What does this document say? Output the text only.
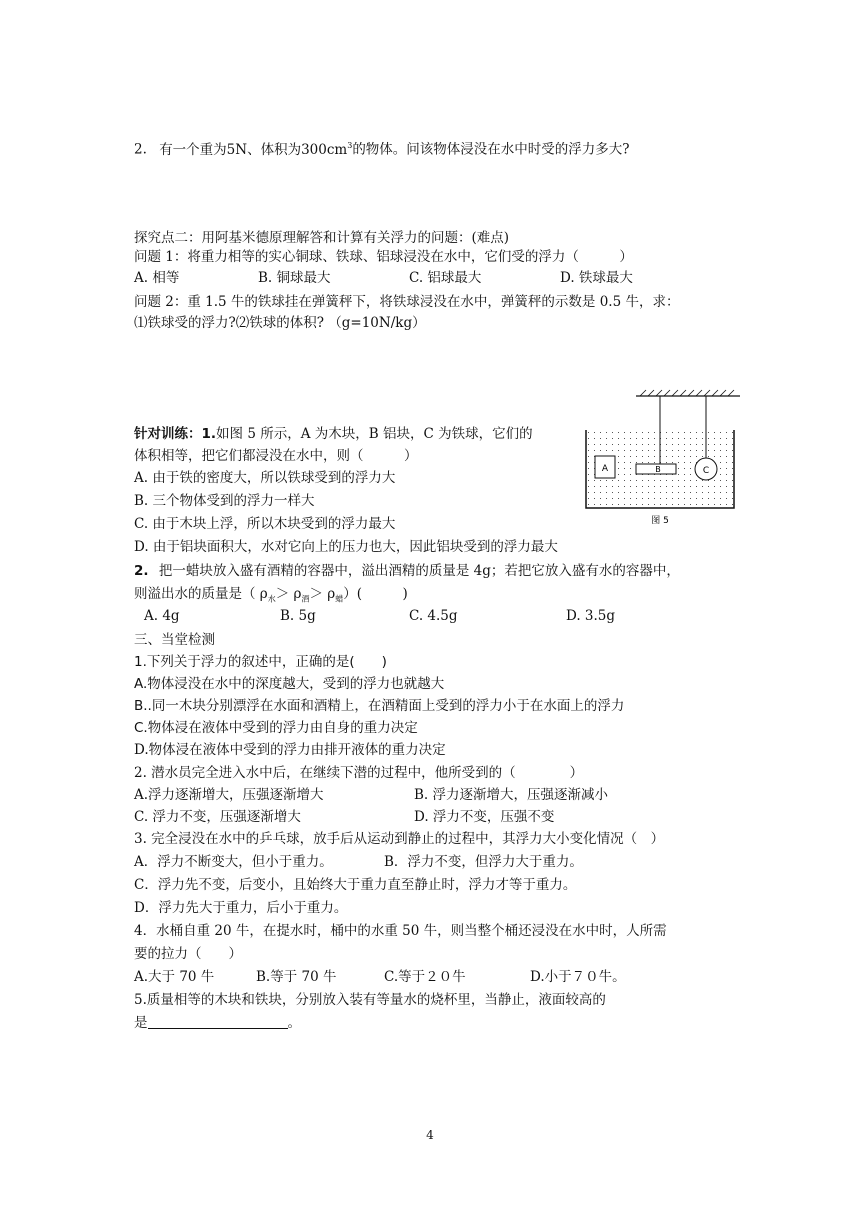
2. 有一个重为5N、体积为$300cm^3$的物体。问该物体浸没在水中时受的浮力多大?
探究点二：用阿基米德原理解答和计算有关浮力的问题：(难点)
问题 1：将重力相等的实心铜球、铁球、铝球浸没在水中，它们受的浮力（　　　）
A. 相等	B. 铜球最大	C. 铝球最大	D. 铁球最大
问题 2：重 1.5 牛的铁球挂在弹簧秤下，将铁球浸没在水中，弹簧秤的示数是 0.5 牛，求：
⑴铁球受的浮力?⑵铁球的体积? （g=10N/kg）
针对训练：1.如图 5 所示，A 为木块，B 铝块，C 为铁球，它们的
体积相等，把它们都浸没在水中，则（　　　）
A. 由于铁的密度大，所以铁球受到的浮力大
B. 三个物体受到的浮力一样大
C. 由于木块上浮，所以木块受到的浮力最大
D. 由于铝块面积大，水对它向上的压力也大，因此铝块受到的浮力最大
A	B	C
图 5
2. 把一蜡块放入盛有酒精的容器中，溢出酒精的质量是 4g；若把它放入盛有水的容器中，
则溢出水的质量是（ $\rho_水> \rho_酒> \rho_蜡$）(　　　)
A. 4g	B. 5g	C. 4.5g	D. 3.5g
三、当堂检测
1.下列关于浮力的叙述中，正确的是(　　)
A.物体浸没在水中的深度越大，受到的浮力也就越大
B..同一木块分别漂浮在水面和酒精上，在酒精面上受到的浮力小于在水面上的浮力
C.物体浸在液体中受到的浮力由自身的重力决定
D.物体浸在液体中受到的浮力由排开液体的重力决定
2. 潜水员完全进入水中后，在继续下潜的过程中，他所受到的（　　　　）
A.浮力逐渐增大，压强逐渐增大	B. 浮力逐渐增大，压强逐渐减小
C. 浮力不变，压强逐渐增大	D. 浮力不变，压强不变
3. 完全浸没在水中的乒乓球，放手后从运动到静止的过程中，其浮力大小变化情况（　）
A．浮力不断变大，但小于重力。	B．浮力不变，但浮力大于重力。
C．浮力先不变，后变小，且始终大于重力直至静止时，浮力才等于重力。
D．浮力先大于重力，后小于重力。
4．水桶自重 20 牛，在提水时，桶中的水重 50 牛，则当整个桶还浸没在水中时，人所需
要的拉力（　　）
A.大于 70 牛	B.等于 70 牛	C.等于２０牛	D.小于７０牛。
5.质量相等的木块和铁块，分别放入装有等量水的烧杯里，当静止，液面较高的
是	。
4
